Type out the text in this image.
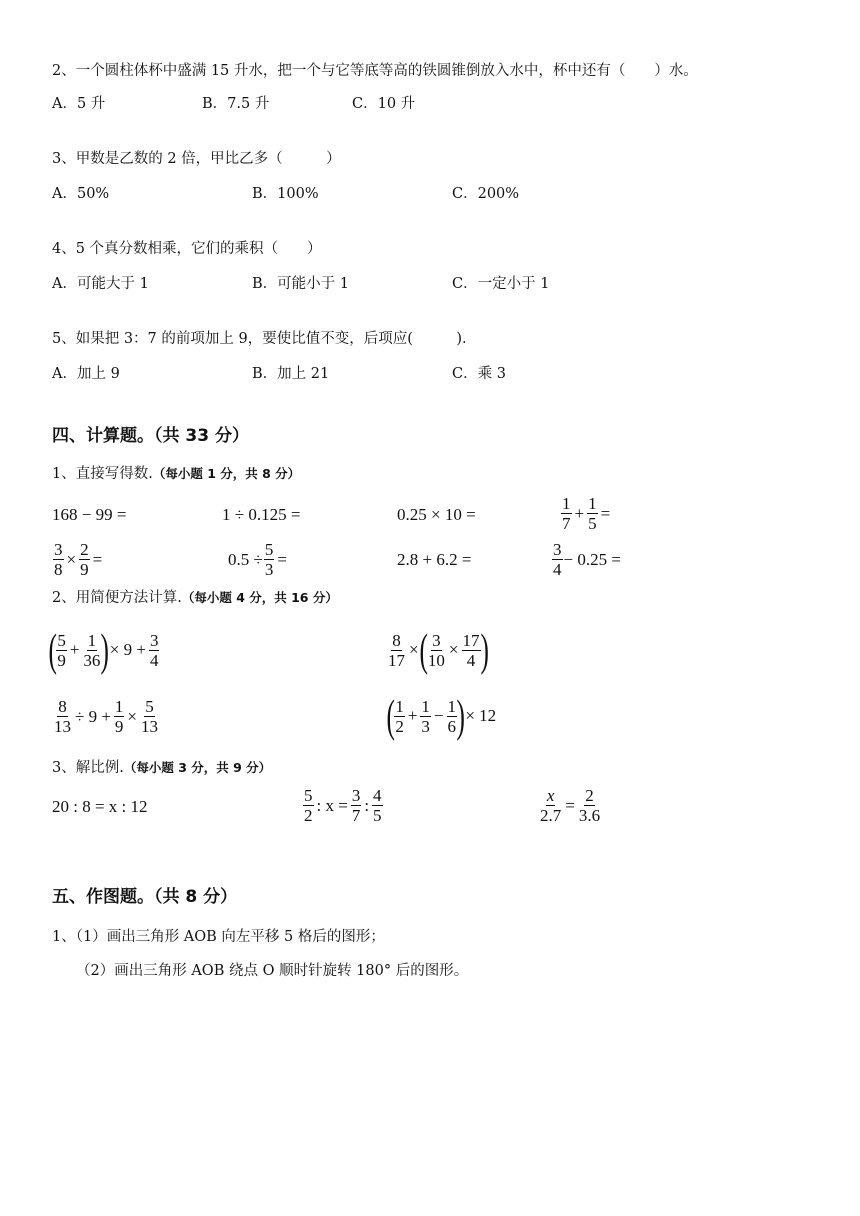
2、一个圆柱体杯中盛满 15 升水，把一个与它等底等高的铁圆锥倒放入水中，杯中还有（　　）水。
A．5 升	B．7.5 升	C．10 升
3、甲数是乙数的 2 倍，甲比乙多（　　　）
A．50%	B．100%	C．200%
4、5 个真分数相乘，它们的乘积（　　）
A．可能大于 1	B．可能小于 1	C．一定小于 1
5、如果把 3：7 的前项加上 9，要使比值不变，后项应(　　　).
A．加上 9	B．加上 21	C．乘 3
四、计算题。（共 33 分）
1、直接写得数.（每小题 1 分，共 8 分）
168 − 99 =	1 ÷ 0.125 =	0.25 × 10 =	$\frac{1}{7} + \frac{1}{5}$ =
$\frac{3}{8} \times \frac{2}{9}$ =	$0.5 \div \frac{5}{3}$ =	2.8 + 6.2 =	$\frac{3}{4} - 0.25$ =
2、用简便方法计算.（每小题 4 分，共 16 分）
( $\frac{5}{9} + \frac{1}{36}$ ) × $9 + \frac{3}{4}$	$\frac{8}{17}$ × ( $\frac{3}{10} \times \frac{17}{4}$ )
$\frac{8}{13} \div 9 + \frac{1}{9} \times \frac{5}{13}$	( $\frac{1}{2} + \frac{1}{3} - \frac{1}{6}$ ) × 12
3、解比例.（每小题 3 分，共 9 分）
20 : 8 = x : 12	$\frac{5}{2}$ : $x = \frac{3}{7}$ : $\frac{4}{5}$	$\frac{x}{2.7} = \frac{2}{3.6}$
五、作图题。（共 8 分）
1、（1）画出三角形 AOB 向左平移 5 格后的图形；
（2）画出三角形 AOB 绕点 O 顺时针旋转 180° 后的图形。
